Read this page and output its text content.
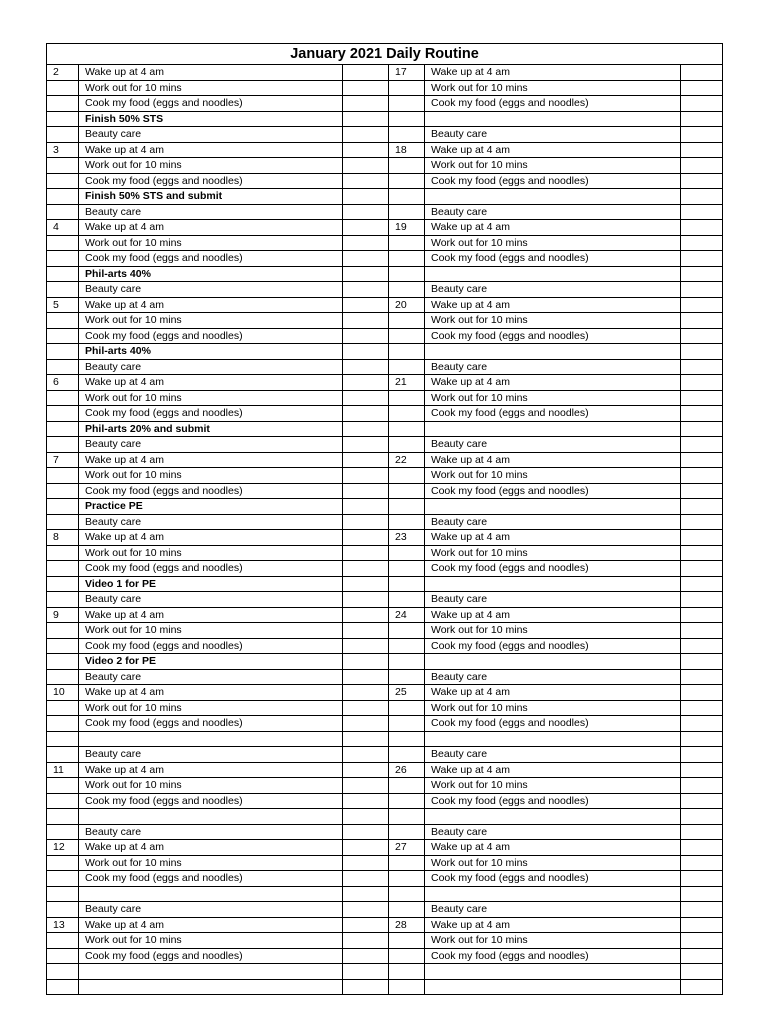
January 2021 Daily Routine					
2	Wake up at 4 am		17	Wake up at 4 am	
	Work out for 10 mins			Work out for 10 mins	
	Cook my food (eggs and noodles)			Cook my food (eggs and noodles)	
	Finish 50% STS				
	Beauty care			Beauty care	
3	Wake up at 4 am		18	Wake up at 4 am	
	Work out for 10 mins			Work out for 10 mins	
	Cook my food (eggs and noodles)			Cook my food (eggs and noodles)	
	Finish 50% STS and submit				
	Beauty care			Beauty care	
4	Wake up at 4 am		19	Wake up at 4 am	
	Work out for 10 mins			Work out for 10 mins	
	Cook my food (eggs and noodles)			Cook my food (eggs and noodles)	
	Phil-arts 40%				
	Beauty care			Beauty care	
5	Wake up at 4 am		20	Wake up at 4 am	
	Work out for 10 mins			Work out for 10 mins	
	Cook my food (eggs and noodles)			Cook my food (eggs and noodles)	
	Phil-arts 40%				
	Beauty care			Beauty care	
6	Wake up at 4 am		21	Wake up at 4 am	
	Work out for 10 mins			Work out for 10 mins	
	Cook my food (eggs and noodles)			Cook my food (eggs and noodles)	
	Phil-arts 20% and submit				
	Beauty care			Beauty care	
7	Wake up at 4 am		22	Wake up at 4 am	
	Work out for 10 mins			Work out for 10 mins	
	Cook my food (eggs and noodles)			Cook my food (eggs and noodles)	
	Practice PE				
	Beauty care			Beauty care	
8	Wake up at 4 am		23	Wake up at 4 am	
	Work out for 10 mins			Work out for 10 mins	
	Cook my food (eggs and noodles)			Cook my food (eggs and noodles)	
	Video 1 for PE				
	Beauty care			Beauty care	
9	Wake up at 4 am		24	Wake up at 4 am	
	Work out for 10 mins			Work out for 10 mins	
	Cook my food (eggs and noodles)			Cook my food (eggs and noodles)	
	Video 2 for PE				
	Beauty care			Beauty care	
10	Wake up at 4 am		25	Wake up at 4 am	
	Work out for 10 mins			Work out for 10 mins	
	Cook my food (eggs and noodles)			Cook my food (eggs and noodles)	

	Beauty care			Beauty care	
11	Wake up at 4 am		26	Wake up at 4 am	
	Work out for 10 mins			Work out for 10 mins	
	Cook my food (eggs and noodles)			Cook my food (eggs and noodles)	

	Beauty care			Beauty care	
12	Wake up at 4 am		27	Wake up at 4 am	
	Work out for 10 mins			Work out for 10 mins	
	Cook my food (eggs and noodles)			Cook my food (eggs and noodles)	

	Beauty care			Beauty care	
13	Wake up at 4 am		28	Wake up at 4 am	
	Work out for 10 mins			Work out for 10 mins	
	Cook my food (eggs and noodles)			Cook my food (eggs and noodles)	
